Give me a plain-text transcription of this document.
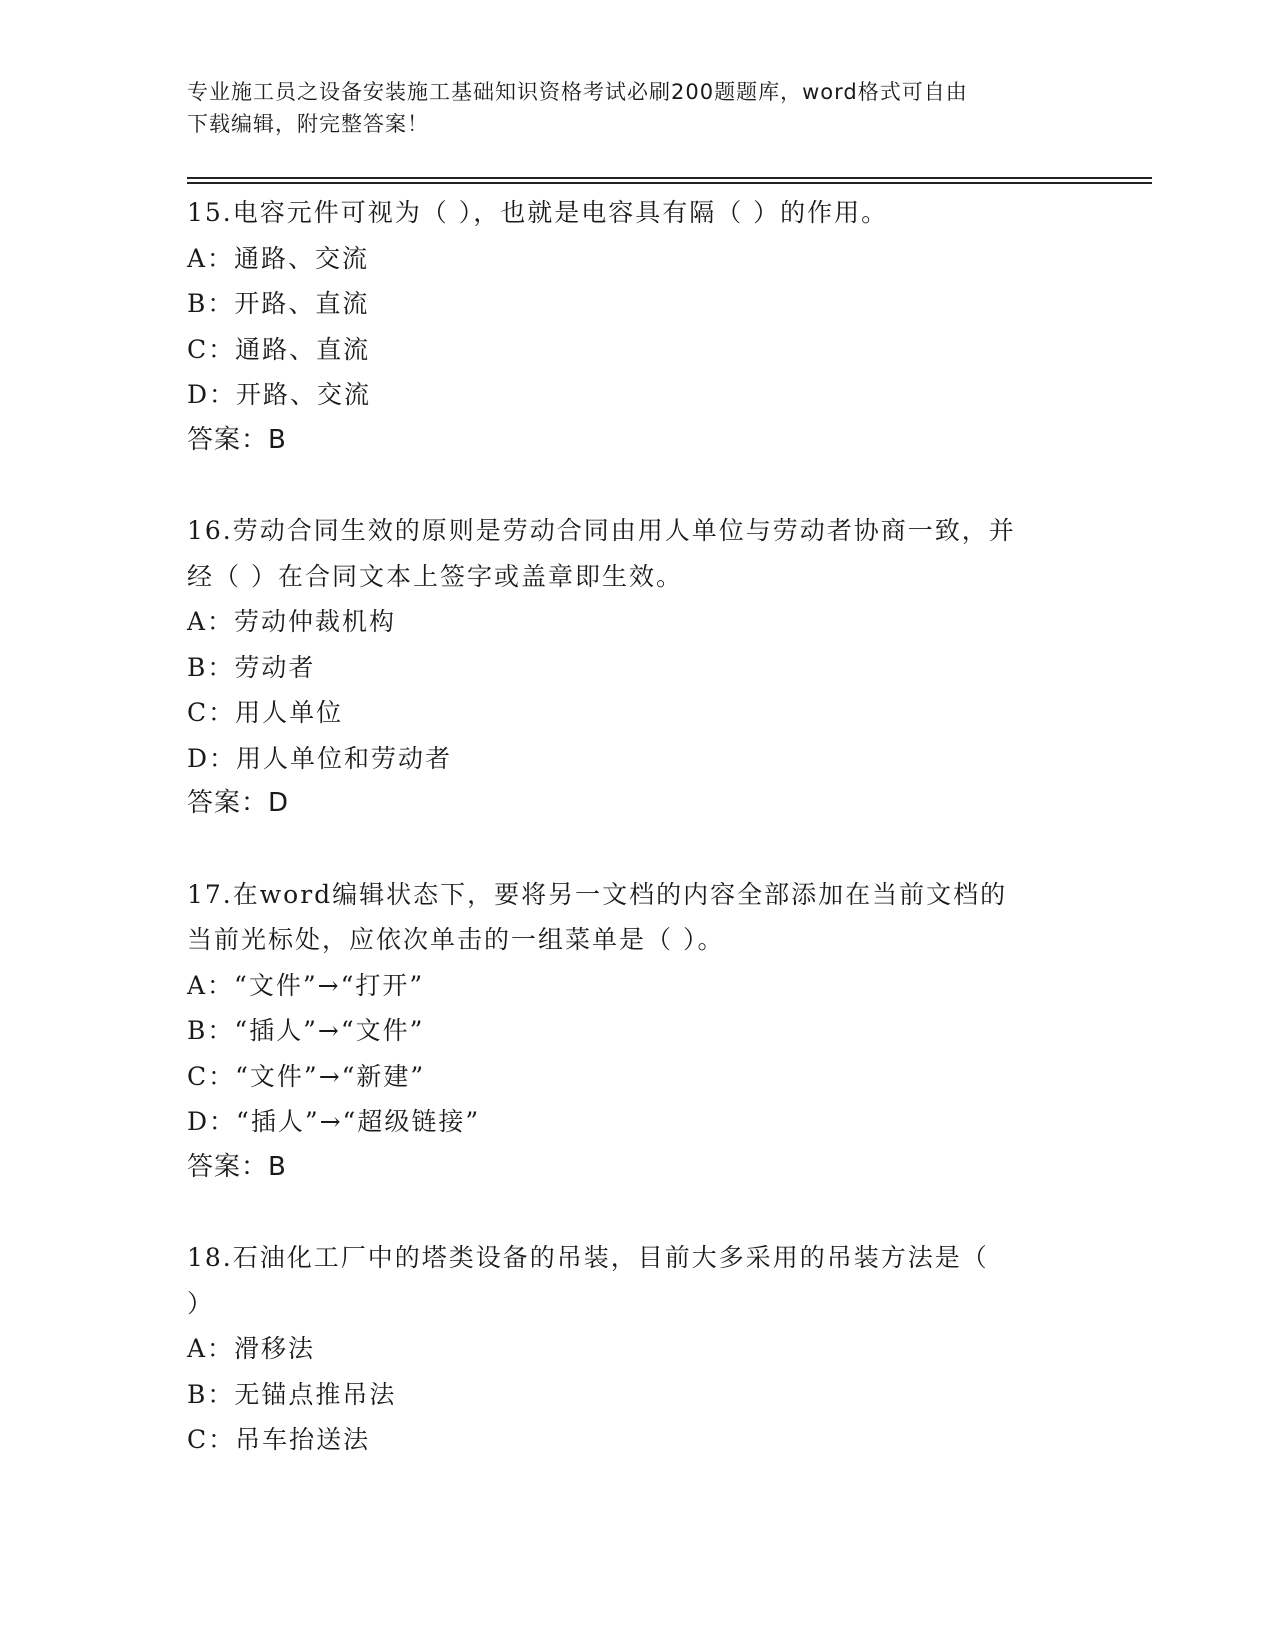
专业施工员之设备安装施工基础知识资格考试必刷200题题库，word格式可自由
下载编辑，附完整答案！
15.电容元件可视为（ ），也就是电容具有隔（ ）的作用。
A：通路、交流
B：开路、直流
C：通路、直流
D：开路、交流
答案：B
16.劳动合同生效的原则是劳动合同由用人单位与劳动者协商一致，并
经（ ）在合同文本上签字或盖章即生效。
A：劳动仲裁机构
B：劳动者
C：用人单位
D：用人单位和劳动者
答案：D
17.在word编辑状态下，要将另一文档的内容全部添加在当前文档的
当前光标处，应依次单击的一组菜单是（ ）。
A：“文件”→“打开”
B：“插人”→“文件”
C：“文件”→“新建”
D：“插人”→“超级链接”
答案：B
18.石油化工厂中的塔类设备的吊装，目前大多采用的吊装方法是（
）
A：滑移法
B：无锚点推吊法
C：吊车抬送法
